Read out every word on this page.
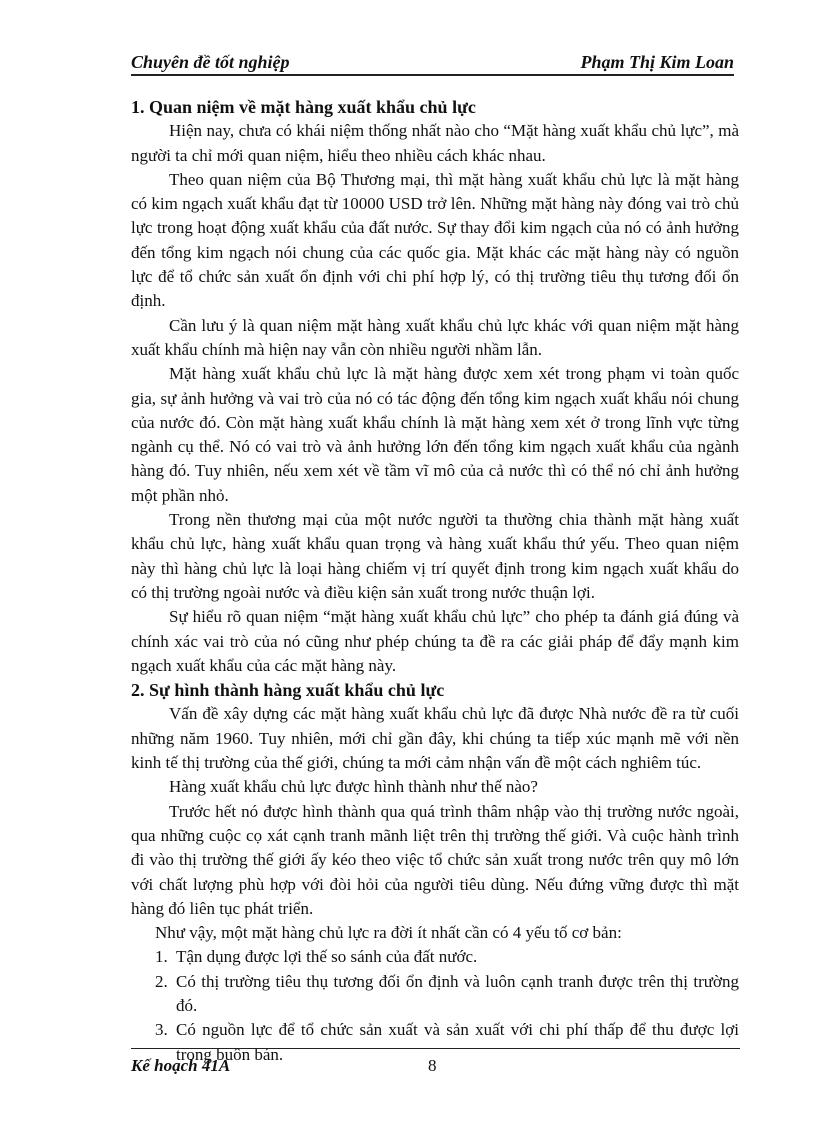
Chuyên đề tốt nghiệp	Phạm Thị Kim Loan
1. Quan niệm về mặt hàng xuất khẩu chủ lực

Hiện nay, chưa có khái niệm thống nhất nào cho “Mặt hàng xuất khẩu chủ lực”, mà người ta chỉ mới quan niệm, hiểu theo nhiều cách khác nhau.

Theo quan niệm của Bộ Thương mại, thì mặt hàng xuất khẩu chủ lực là mặt hàng có kim ngạch xuất khẩu đạt từ 10000 USD trở lên. Những mặt hàng này đóng vai trò chủ lực trong hoạt động xuất khẩu của đất nước. Sự thay đổi kim ngạch của nó có ảnh hưởng đến tổng kim ngạch nói chung của các quốc gia. Mặt khác các mặt hàng này có nguồn lực để tổ chức sản xuất ổn định với chi phí hợp lý, có thị trường tiêu thụ tương đối ổn định.

Cần lưu ý là quan niệm mặt hàng xuất khẩu chủ lực khác với quan niệm mặt hàng xuất khẩu chính mà hiện nay vẫn còn nhiều người nhầm lẫn.

Mặt hàng xuất khẩu chủ lực là mặt hàng được xem xét trong phạm vi toàn quốc gia, sự ảnh hưởng và vai trò của nó có tác động đến tổng kim ngạch xuất khẩu nói chung của nước đó. Còn mặt hàng xuất khẩu chính là mặt hàng xem xét ở trong lĩnh vực từng ngành cụ thể. Nó có vai trò và ảnh hưởng lớn đến tổng kim ngạch xuất khẩu của ngành hàng đó. Tuy nhiên, nếu xem xét về tầm vĩ mô của cả nước thì có thể nó chỉ ảnh hưởng một phần nhỏ.

Trong nền thương mại của một nước người ta thường chia thành mặt hàng xuất khẩu chủ lực, hàng xuất khẩu quan trọng và hàng xuất khẩu thứ yếu. Theo quan niệm này thì hàng chủ lực là loại hàng chiếm vị trí quyết định trong kim ngạch xuất khẩu do có thị trường ngoài nước và điều kiện sản xuất trong nước thuận lợi.

Sự hiểu rõ quan niệm “mặt hàng xuất khẩu chủ lực” cho phép ta đánh giá đúng và chính xác vai trò của nó cũng như phép chúng ta đề ra các giải pháp để đẩy mạnh kim ngạch xuất khẩu của các mặt hàng này.

2. Sự hình thành hàng xuất khẩu chủ lực

Vấn đề xây dựng các mặt hàng xuất khẩu chủ lực đã được Nhà nước đề ra từ cuối những năm 1960. Tuy nhiên, mới chỉ gần đây, khi chúng ta tiếp xúc mạnh mẽ với nền kinh tế thị trường của thế giới, chúng ta mới cảm nhận vấn đề một cách nghiêm túc.

Hàng xuất khẩu chủ lực được hình thành như thế nào?

Trước hết nó được hình thành qua quá trình thâm nhập vào thị trường nước ngoài, qua những cuộc cọ xát cạnh tranh mãnh liệt trên thị trường thế giới. Và cuộc hành trình đi vào thị trường thế giới ấy kéo theo việc tổ chức sản xuất trong nước trên quy mô lớn với chất lượng phù hợp với đòi hỏi của người tiêu dùng. Nếu đứng vững được thì mặt hàng đó liên tục phát triển.

Như vậy, một mặt hàng chủ lực ra đời ít nhất cần có 4 yếu tố cơ bản:

1. Tận dụng được lợi thế so sánh của đất nước.
2. Có thị trường tiêu thụ tương đối ổn định và luôn cạnh tranh được trên thị trường đó.
3. Có nguồn lực để tổ chức sản xuất và sản xuất với chi phí thấp để thu được lợi trong buôn bán.
Kế hoạch 41A	8
